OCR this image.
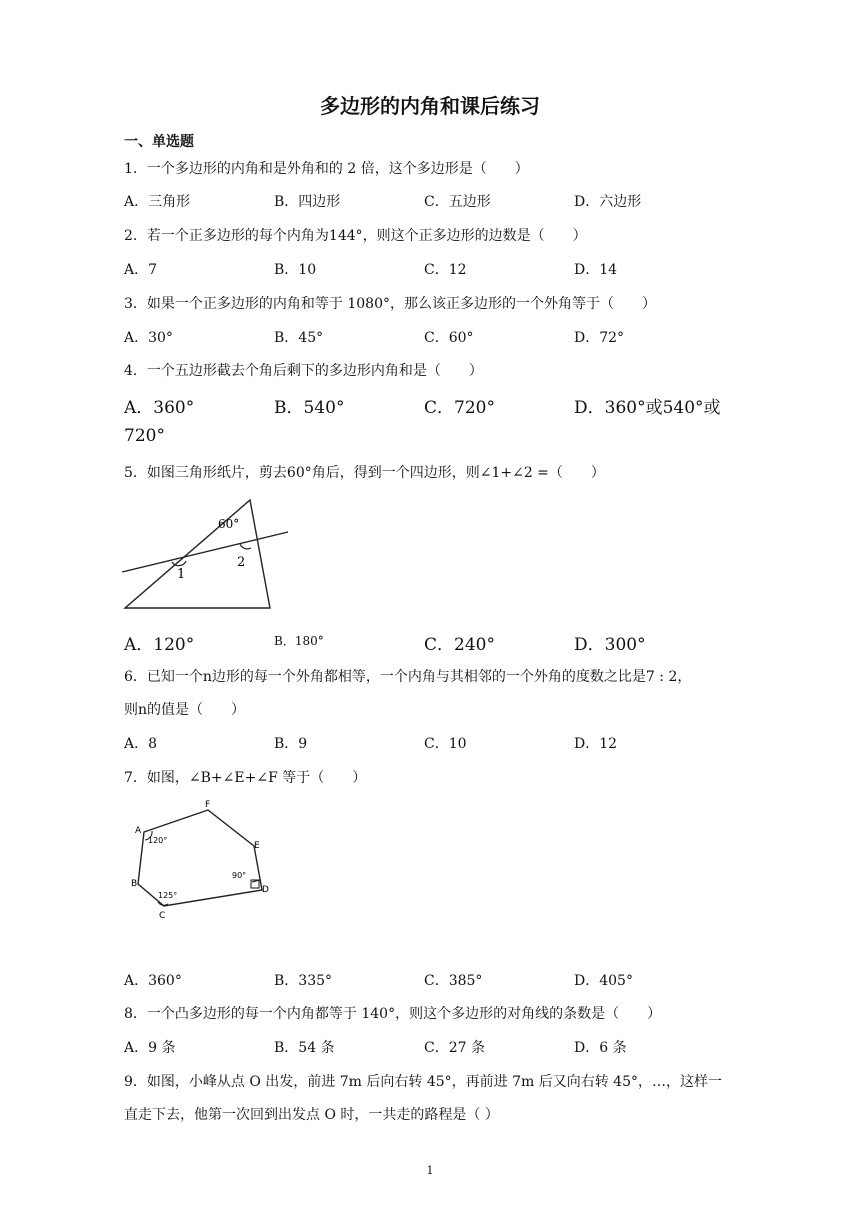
多边形的内角和课后练习
一、单选题
1．一个多边形的内角和是外角和的 2 倍，这个多边形是（　　）
A．三角形	B．四边形	C．五边形	D．六边形
2．若一个正多边形的每个内角为144°，则这个正多边形的边数是（　　）
A．7	B．10	C．12	D．14
3．如果一个正多边形的内角和等于 1080°，那么该正多边形的一个外角等于（　　）
A．30°	B．45°	C．60°	D．72°
4．一个五边形截去个角后剩下的多边形内角和是（　　）
A．360°	B．540°	C．720°	D．360°或540°或
720°
5．如图三角形纸片，剪去60°角后，得到一个四边形，则∠1+∠2 =（　　）
60°
1
2
A．120°	B．180°	C．240°	D．300°
6．已知一个n边形的每一个外角都相等，一个内角与其相邻的一个外角的度数之比是7 : 2，
则n的值是（　　）
A．8	B．9	C．10	D．12
7．如图，∠B+∠E+∠F 等于（　　）
F
A
120°
E
90°
B
D
125°
C
A．360°	B．335°	C．385°	D．405°
8．一个凸多边形的每一个内角都等于 140°，则这个多边形的对角线的条数是（　　）
A．9 条	B．54 条	C．27 条	D．6 条
9．如图，小峰从点 O 出发，前进 7m 后向右转 45°，再前进 7m 后又向右转 45°，…，这样一
直走下去，他第一次回到出发点 O 时，一共走的路程是（ ）
1
